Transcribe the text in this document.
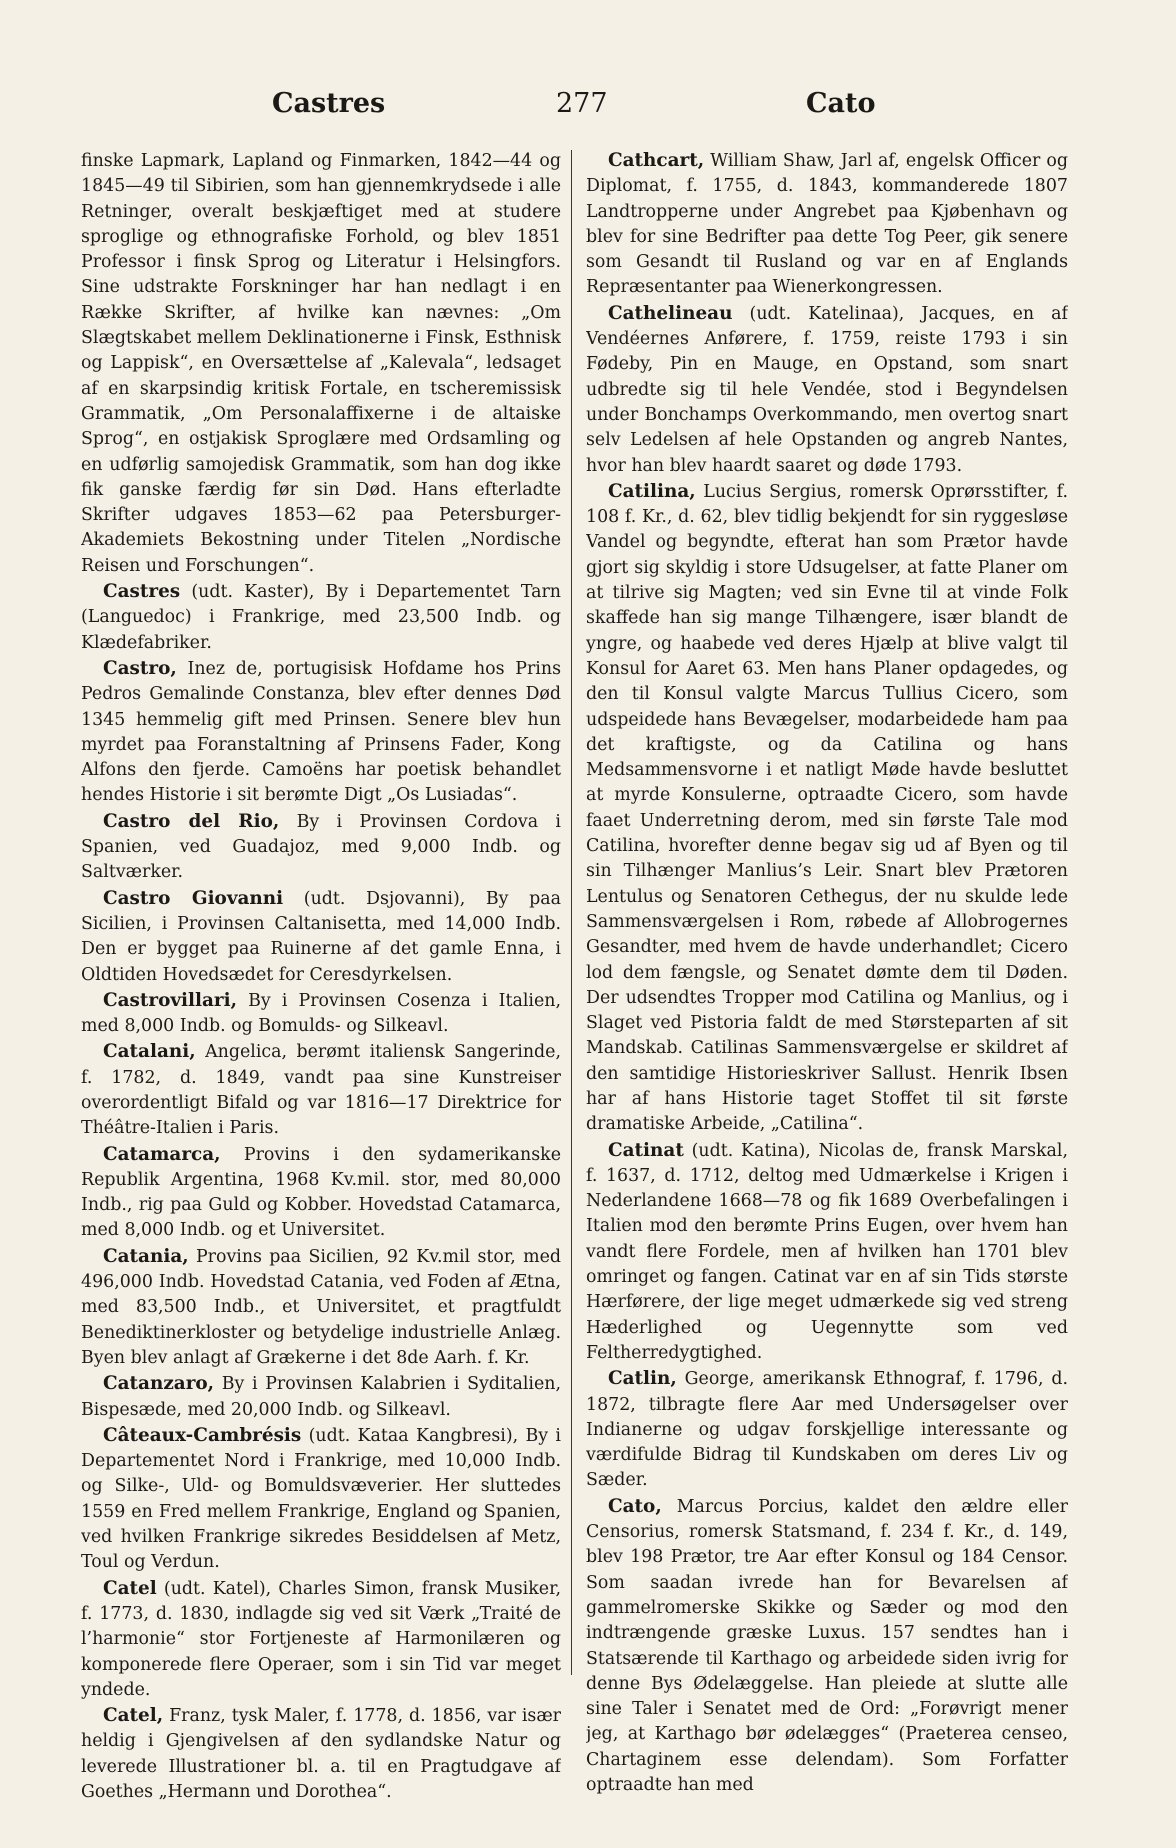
Castres	277	Cato

finske Lapmark, Lapland og Finmarken, 1842—44 og 1845—49 til Sibirien, som han gjennemkrydsede i alle Retninger, overalt beskjæftiget med at studere sproglige og ethnografiske Forhold, og blev 1851 Professor i finsk Sprog og Literatur i Helsingfors. Sine udstrakte Forskninger har han nedlagt i en Række Skrifter, af hvilke kan nævnes: „Om Slægtskabet mellem Deklinationerne i Finsk, Esthnisk og Lappisk“, en Oversættelse af „Kalevala“, ledsaget af en skarpsindig kritisk Fortale, en tscheremissisk Grammatik, „Om Personalaffixerne i de altaiske Sprog“, en ostjakisk Sproglære med Ordsamling og en udførlig samojedisk Grammatik, som han dog ikke fik ganske færdig før sin Død. Hans efterladte Skrifter udgaves 1853—62 paa Petersburger-Akademiets Bekostning under Titelen „Nordische Reisen und Forschungen“.

Castres (udt. Kaster), By i Departementet Tarn (Languedoc) i Frankrige, med 23,500 Indb. og Klædefabriker.

Castro, Inez de, portugisisk Hofdame hos Prins Pedros Gemalinde Constanza, blev efter dennes Død 1345 hemmelig gift med Prinsen. Senere blev hun myrdet paa Foranstaltning af Prinsens Fader, Kong Alfons den fjerde. Camoëns har poetisk behandlet hendes Historie i sit berømte Digt „Os Lusiadas“.

Castro del Rio, By i Provinsen Cordova i Spanien, ved Guadajoz, med 9,000 Indb. og Saltværker.

Castro Giovanni (udt. Dsjovanni), By paa Sicilien, i Provinsen Caltanisetta, med 14,000 Indb. Den er bygget paa Ruinerne af det gamle Enna, i Oldtiden Hovedsædet for Ceresdyrkelsen.

Castrovillari, By i Provinsen Cosenza i Italien, med 8,000 Indb. og Bomulds- og Silkeavl.

Catalani, Angelica, berømt italiensk Sangerinde, f. 1782, d. 1849, vandt paa sine Kunstreiser overordentligt Bifald og var 1816—17 Direktrice for Théâtre-Italien i Paris.

Catamarca, Provins i den sydamerikanske Republik Argentina, 1968 Kv.mil. stor, med 80,000 Indb., rig paa Guld og Kobber. Hovedstad Catamarca, med 8,000 Indb. og et Universitet.

Catania, Provins paa Sicilien, 92 Kv.mil stor, med 496,000 Indb. Hovedstad Catania, ved Foden af Ætna, med 83,500 Indb., et Universitet, et pragtfuldt Benediktinerkloster og betydelige industrielle Anlæg. Byen blev anlagt af Grækerne i det 8de Aarh. f. Kr.

Catanzaro, By i Provinsen Kalabrien i Syditalien, Bispesæde, med 20,000 Indb. og Silkeavl.

Câteaux-Cambrésis (udt. Kataa Kangbresi), By i Departementet Nord i Frankrige, med 10,000 Indb. og Silke-, Uld- og Bomuldsvæverier. Her sluttedes 1559 en Fred mellem Frankrige, England og Spanien, ved hvilken Frankrige sikredes Besiddelsen af Metz, Toul og Verdun.

Catel (udt. Katel), Charles Simon, fransk Musiker, f. 1773, d. 1830, indlagde sig ved sit Værk „Traité de l’harmonie“ stor Fortjeneste af Harmonilæren og komponerede flere Operaer, som i sin Tid var meget yndede.

Catel, Franz, tysk Maler, f. 1778, d. 1856, var især heldig i Gjengivelsen af den sydlandske Natur og leverede Illustrationer bl. a. til en Pragtudgave af Goethes „Hermann und Dorothea“.

Cathcart, William Shaw, Jarl af, engelsk Officer og Diplomat, f. 1755, d. 1843, kommanderede 1807 Landtropperne under Angrebet paa Kjøbenhavn og blev for sine Bedrifter paa dette Tog Peer, gik senere som Gesandt til Rusland og var en af Englands Repræsentanter paa Wienerkongressen.

Cathelineau (udt. Katelinaa), Jacques, en af Vendéernes Anførere, f. 1759, reiste 1793 i sin Fødeby, Pin en Mauge, en Opstand, som snart udbredte sig til hele Vendée, stod i Begyndelsen under Bonchamps Overkommando, men overtog snart selv Ledelsen af hele Opstanden og angreb Nantes, hvor han blev haardt saaret og døde 1793.

Catilina, Lucius Sergius, romersk Oprørsstifter, f. 108 f. Kr., d. 62, blev tidlig bekjendt for sin ryggesløse Vandel og begyndte, efterat han som Prætor havde gjort sig skyldig i store Udsugelser, at fatte Planer om at tilrive sig Magten; ved sin Evne til at vinde Folk skaffede han sig mange Tilhængere, især blandt de yngre, og haabede ved deres Hjælp at blive valgt til Konsul for Aaret 63. Men hans Planer opdagedes, og den til Konsul valgte Marcus Tullius Cicero, som udspeidede hans Bevægelser, modarbeidede ham paa det kraftigste, og da Catilina og hans Medsammensvorne i et natligt Møde havde besluttet at myrde Konsulerne, optraadte Cicero, som havde faaet Underretning derom, med sin første Tale mod Catilina, hvorefter denne begav sig ud af Byen og til sin Tilhænger Manlius’s Leir. Snart blev Prætoren Lentulus og Senatoren Cethegus, der nu skulde lede Sammensværgelsen i Rom, røbede af Allobrogernes Gesandter, med hvem de havde underhandlet; Cicero lod dem fængsle, og Senatet dømte dem til Døden. Der udsendtes Tropper mod Catilina og Manlius, og i Slaget ved Pistoria faldt de med Størsteparten af sit Mandskab. Catilinas Sammensværgelse er skildret af den samtidige Historieskriver Sallust. Henrik Ibsen har af hans Historie taget Stoffet til sit første dramatiske Arbeide, „Catilina“.

Catinat (udt. Katina), Nicolas de, fransk Marskal, f. 1637, d. 1712, deltog med Udmærkelse i Krigen i Nederlandene 1668—78 og fik 1689 Overbefalingen i Italien mod den berømte Prins Eugen, over hvem han vandt flere Fordele, men af hvilken han 1701 blev omringet og fangen. Catinat var en af sin Tids største Hærførere, der lige meget udmærkede sig ved streng Hæderlighed og Uegennytte som ved Feltherredygtighed.

Catlin, George, amerikansk Ethnograf, f. 1796, d. 1872, tilbragte flere Aar med Undersøgelser over Indianerne og udgav forskjellige interessante og værdifulde Bidrag til Kundskaben om deres Liv og Sæder.

Cato, Marcus Porcius, kaldet den ældre eller Censorius, romersk Statsmand, f. 234 f. Kr., d. 149, blev 198 Prætor, tre Aar efter Konsul og 184 Censor. Som saadan ivrede han for Bevarelsen af gammelromerske Skikke og Sæder og mod den indtrængende græske Luxus. 157 sendtes han i Statsærende til Karthago og arbeidede siden ivrig for denne Bys Ødelæggelse. Han pleiede at slutte alle sine Taler i Senatet med de Ord: „Forøvrigt mener jeg, at Karthago bør ødelægges“ (Praeterea censeo, Chartaginem esse delendam). Som Forfatter optraadte han med
